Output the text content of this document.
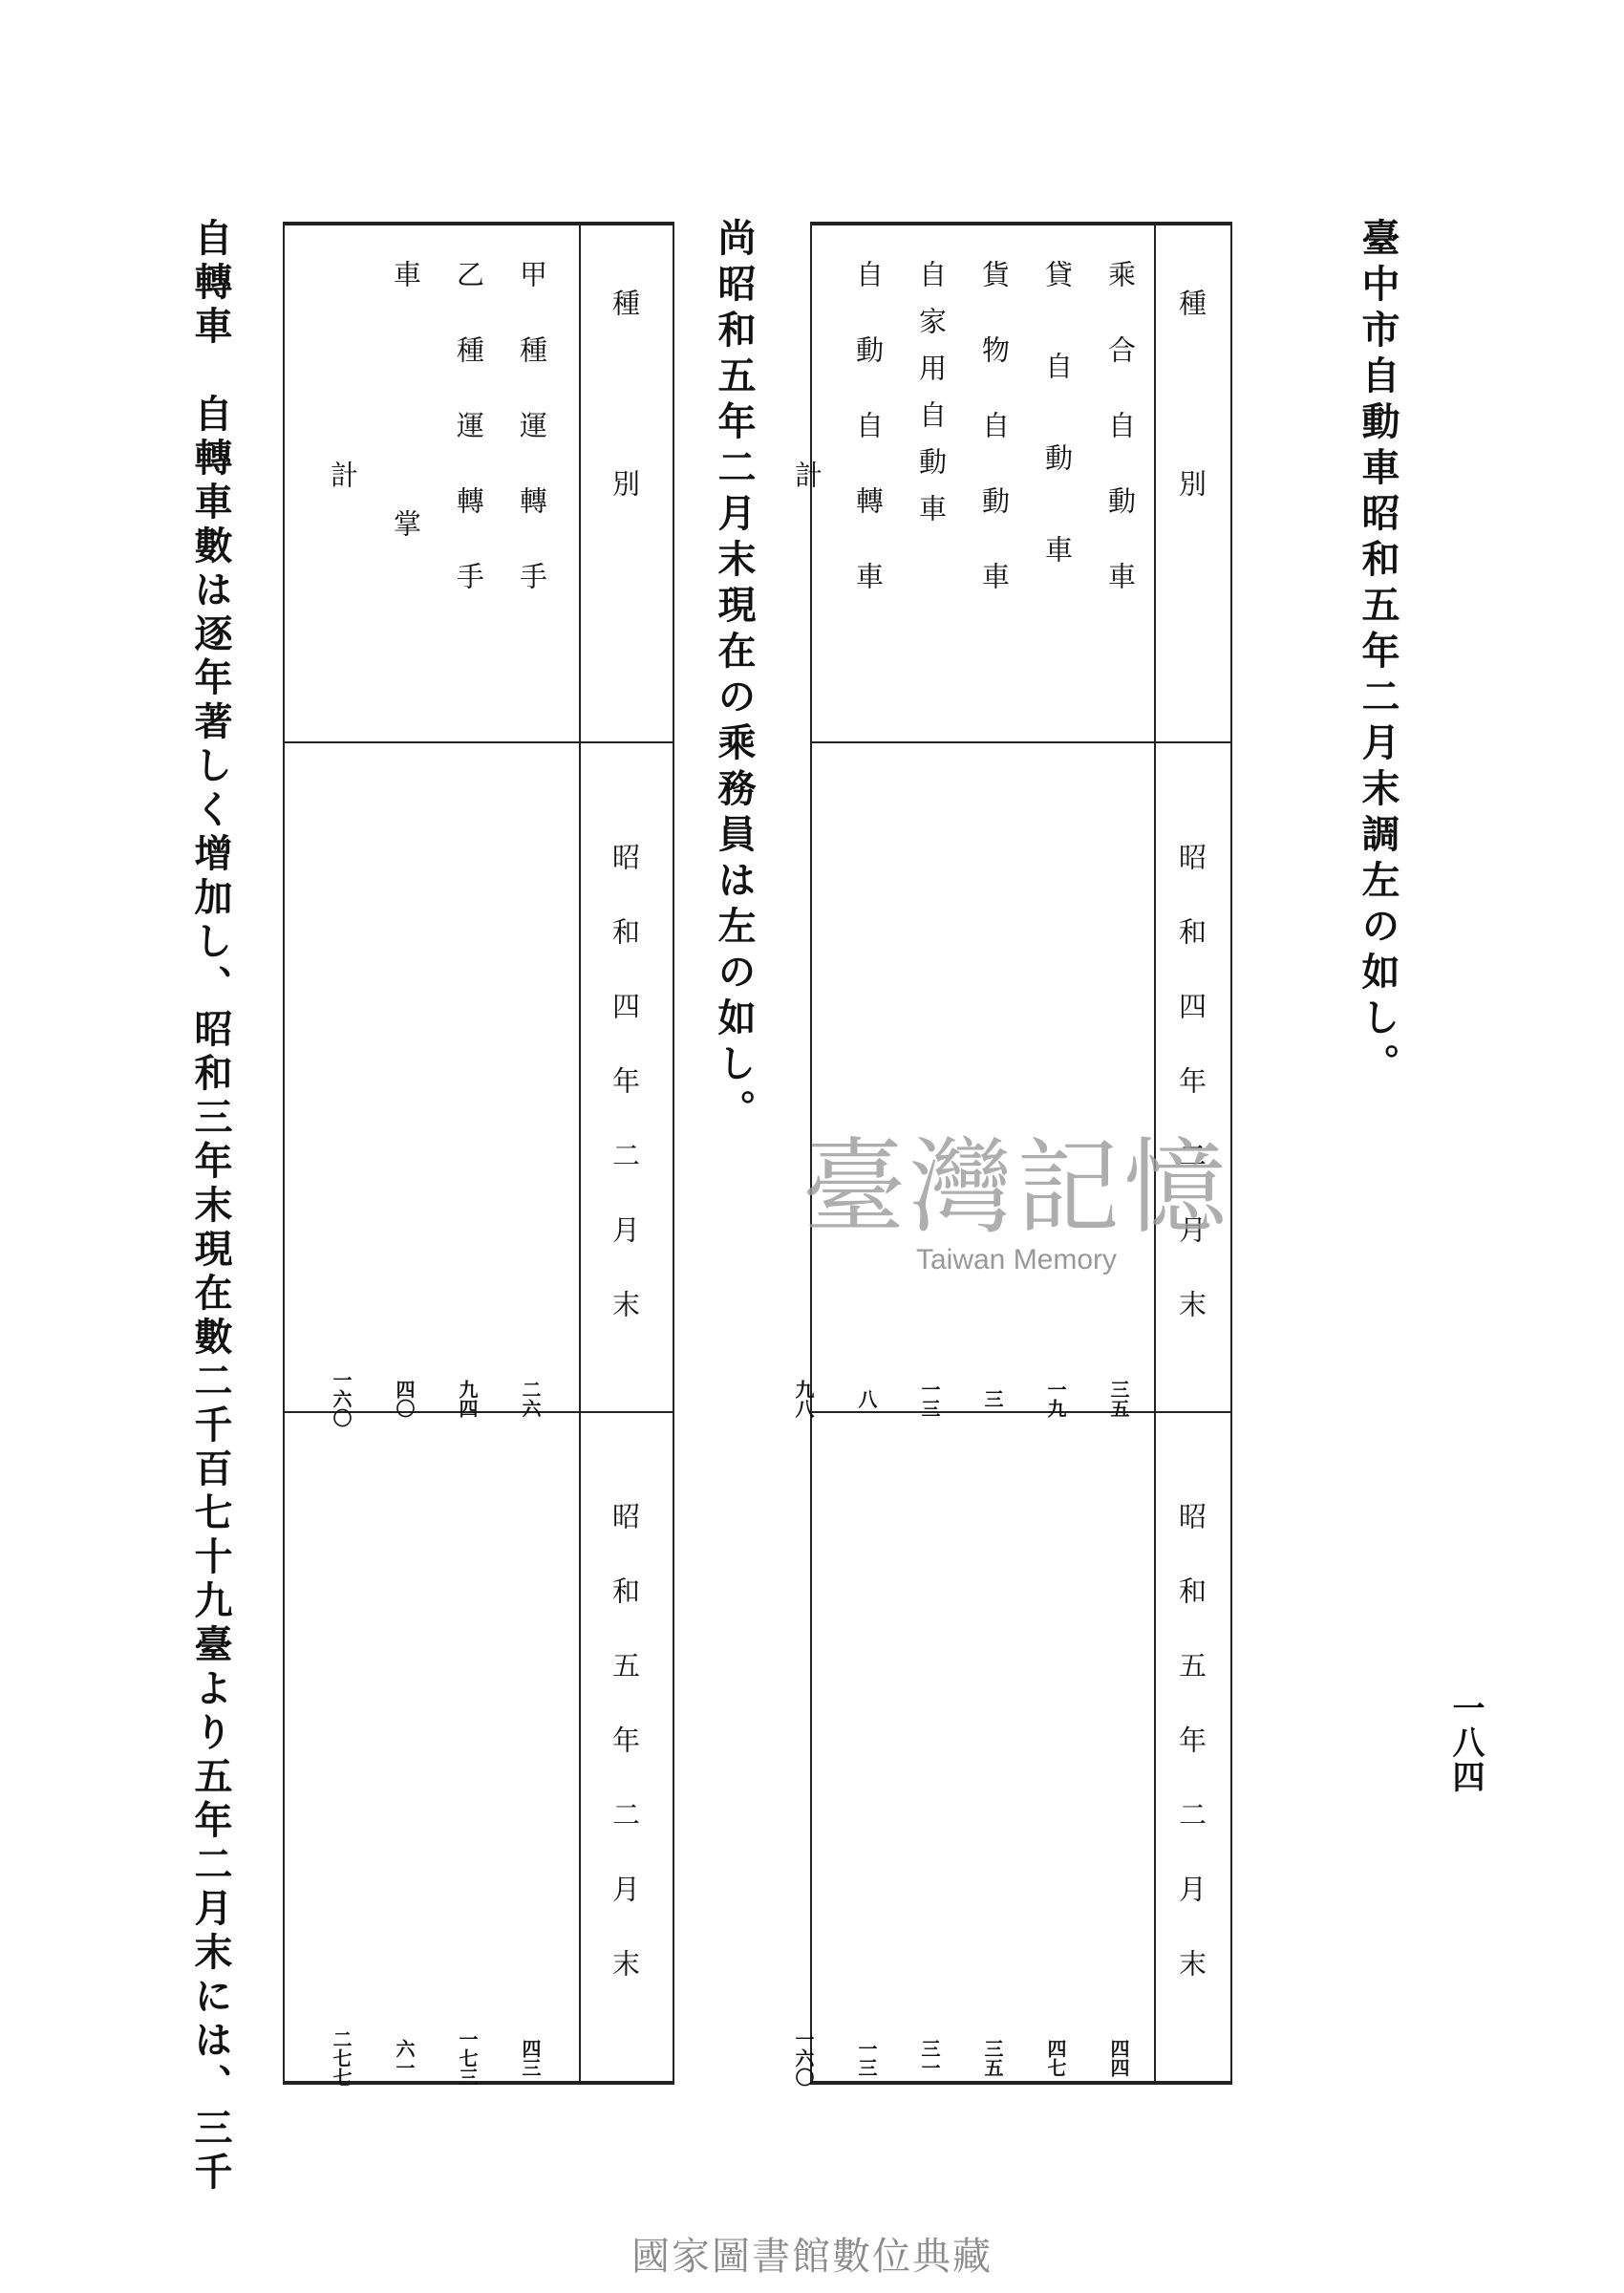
一八四
臺中市自動車昭和五年二月末調左の如し。
種別
昭和四年二月末
昭和五年二月末
乘合自動車
貸自動車
貨物自動車
自家用自動車
自動自轉車
計
三五
一九
三
一三
八
九八
四四
四七
三五
三一
一三
一六〇
尚昭和五年二月末現在の乘務員は左の如し。
種別
昭和四年二月末
昭和五年二月末
甲種運轉手
乙種運轉手
車掌
計
二六
九四
四〇
一六〇
四三
一七三
六一
二七七
自轉車　自轉車數は逐年著しく增加し、昭和三年末現在數二千百七十九臺より五年二月末には、三千	臺灣記憶
Taiwan Memory
國家圖書館數位典藏
